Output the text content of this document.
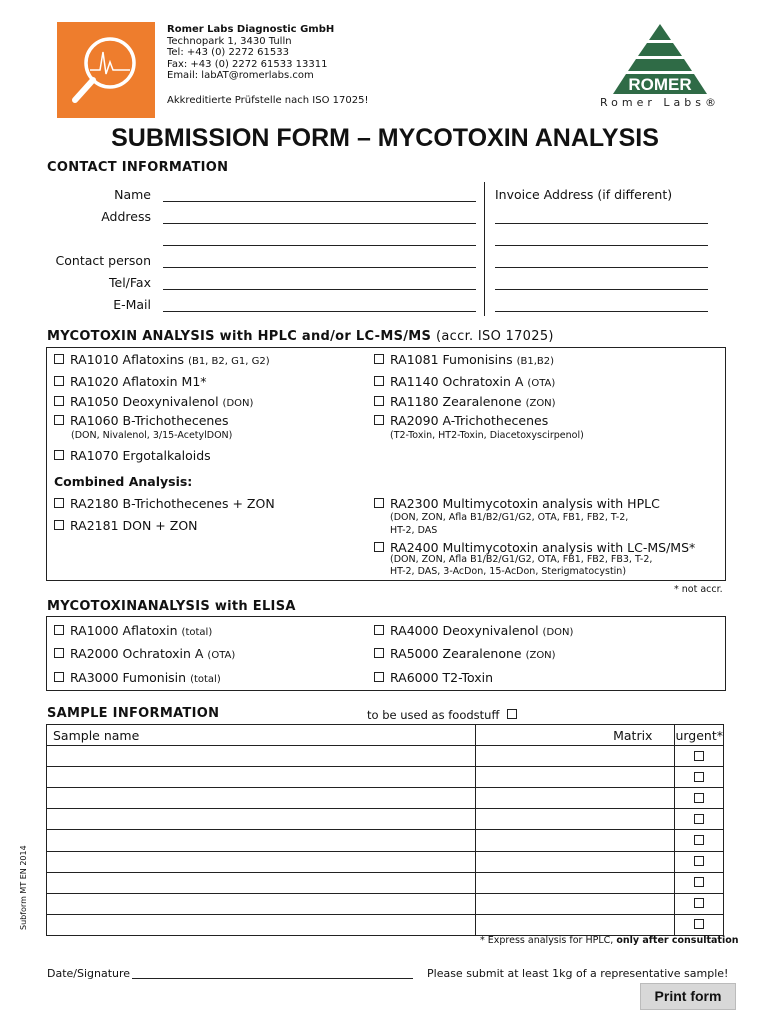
Romer Labs Diagnostic GmbH
Technopark 1, 3430 Tulln
Tel: +43 (0) 2272 61533
Fax: +43 (0) 2272 61533 13311
Email: labAT@romerlabs.com
Akkreditierte Prüfstelle nach ISO 17025!
ROMER
Romer Labs®
SUBMISSION FORM – MYCOTOXIN ANALYSIS
CONTACT INFORMATION
Name
Address
Contact person
Tel/Fax
E-Mail
Invoice Address (if different)
MYCOTOXIN ANALYSIS with HPLC and/or LC-MS/MS (accr. ISO 17025)
RA1010 Aflatoxins (B1, B2, G1, G2)
RA1020 Aflatoxin M1*
RA1050 Deoxynivalenol (DON)
RA1060 B-Trichothecenes
(DON, Nivalenol, 3/15-AcetylDON)
RA1070 Ergotalkaloids
RA1081 Fumonisins (B1,B2)
RA1140 Ochratoxin A (OTA)
RA1180 Zearalenone (ZON)
RA2090 A-Trichothecenes
(T2-Toxin, HT2-Toxin, Diacetoxyscirpenol)
Combined Analysis:
RA2180 B-Trichothecenes + ZON
RA2181 DON + ZON
RA2300 Multimycotoxin analysis with HPLC
(DON, ZON, Afla B1/B2/G1/G2, OTA, FB1, FB2, T-2,
HT-2, DAS
RA2400 Multimycotoxin analysis with LC-MS/MS*
(DON, ZON, Afla B1/B2/G1/G2, OTA, FB1, FB2, FB3, T-2,
HT-2, DAS, 3-AcDon, 15-AcDon, Sterigmatocystin)
* not accr.
MYCOTOXINANALYSIS with ELISA
RA1000 Aflatoxin (total)
RA2000 Ochratoxin A (OTA)
RA3000 Fumonisin (total)
RA4000 Deoxynivalenol (DON)
RA5000 Zearalenone (ZON)
RA6000 T2-Toxin
SAMPLE INFORMATION	to be used as foodstuff
Sample name	Matrix	urgent*

* Express analysis for HPLC, only after consultation
Subform MT EN 2014
Date/Signature	Please submit at least 1kg of a representative sample!
Print form
